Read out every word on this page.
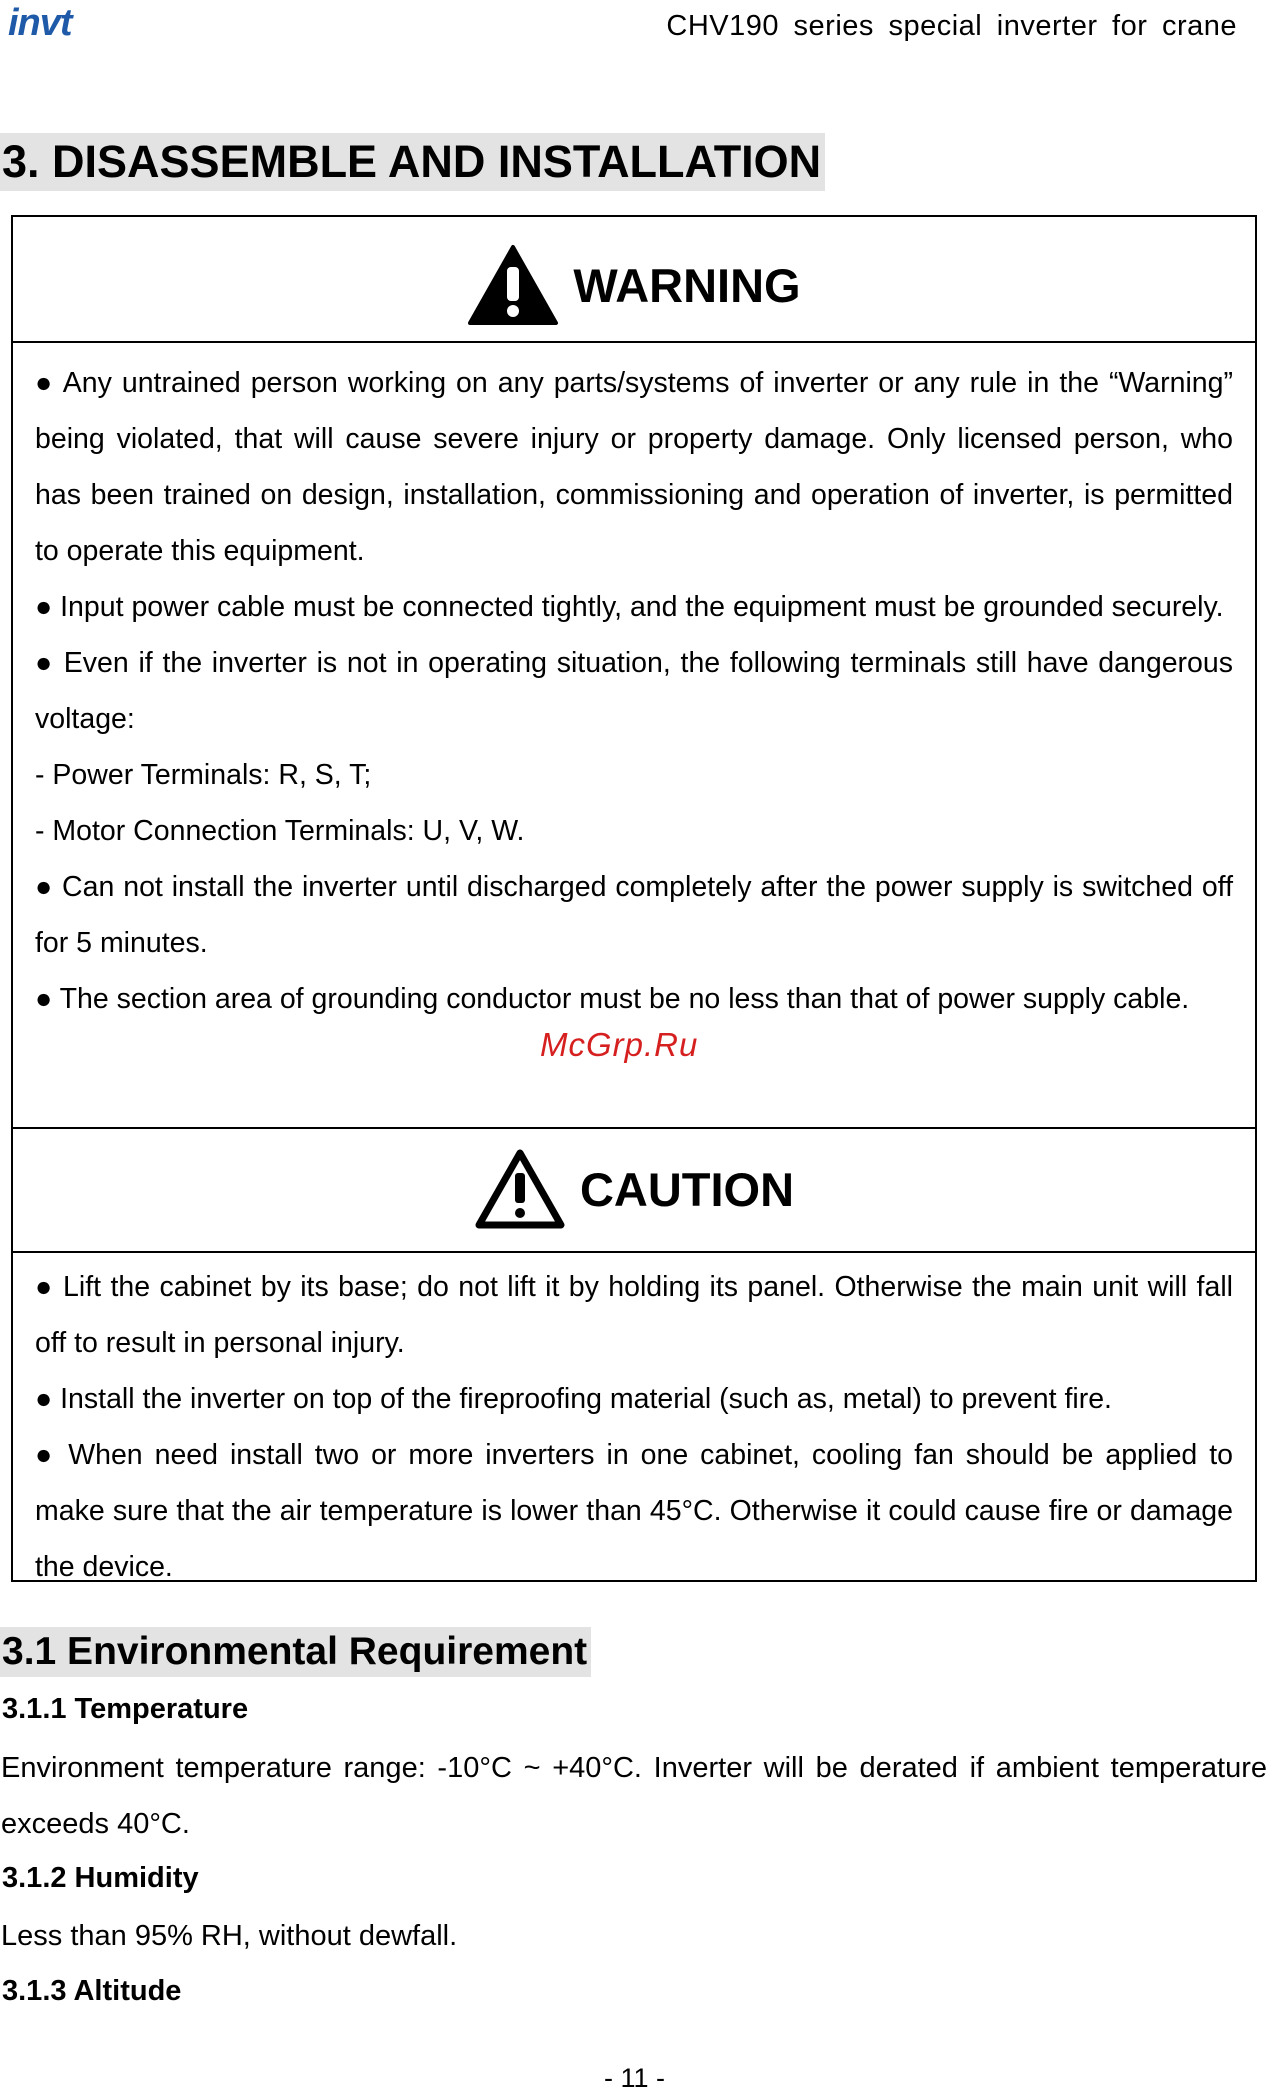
invt	CHV190 series special inverter for crane
3. DISASSEMBLE AND INSTALLATION
WARNING

● Any untrained person working on any parts/systems of inverter or any rule in the “Warning” being violated, that will cause severe injury or property damage. Only licensed person, who has been trained on design, installation, commissioning and operation of inverter, is permitted to operate this equipment.

● Input power cable must be connected tightly, and the equipment must be grounded securely.

● Even if the inverter is not in operating situation, the following terminals still have dangerous voltage:

- Power Terminals: R, S, T;

- Motor Connection Terminals: U, V, W.

● Can not install the inverter until discharged completely after the power supply is switched off for 5 minutes.

● The section area of grounding conductor must be no less than that of power supply cable.

CAUTION

● Lift the cabinet by its base; do not lift it by holding its panel. Otherwise the main unit will fall off to result in personal injury.

● Install the inverter on top of the fireproofing material (such as, metal) to prevent fire.

● When need install two or more inverters in one cabinet, cooling fan should be applied to make sure that the air temperature is lower than 45°C. Otherwise it could cause fire or damage the device.

McGrp.Ru
3.1 Environmental Requirement
3.1.1 Temperature
Environment temperature range: -10°C ~ +40°C. Inverter will be derated if ambient temperature exceeds 40°C.
3.1.2 Humidity
Less than 95% RH, without dewfall.
3.1.3 Altitude
- 11 -
